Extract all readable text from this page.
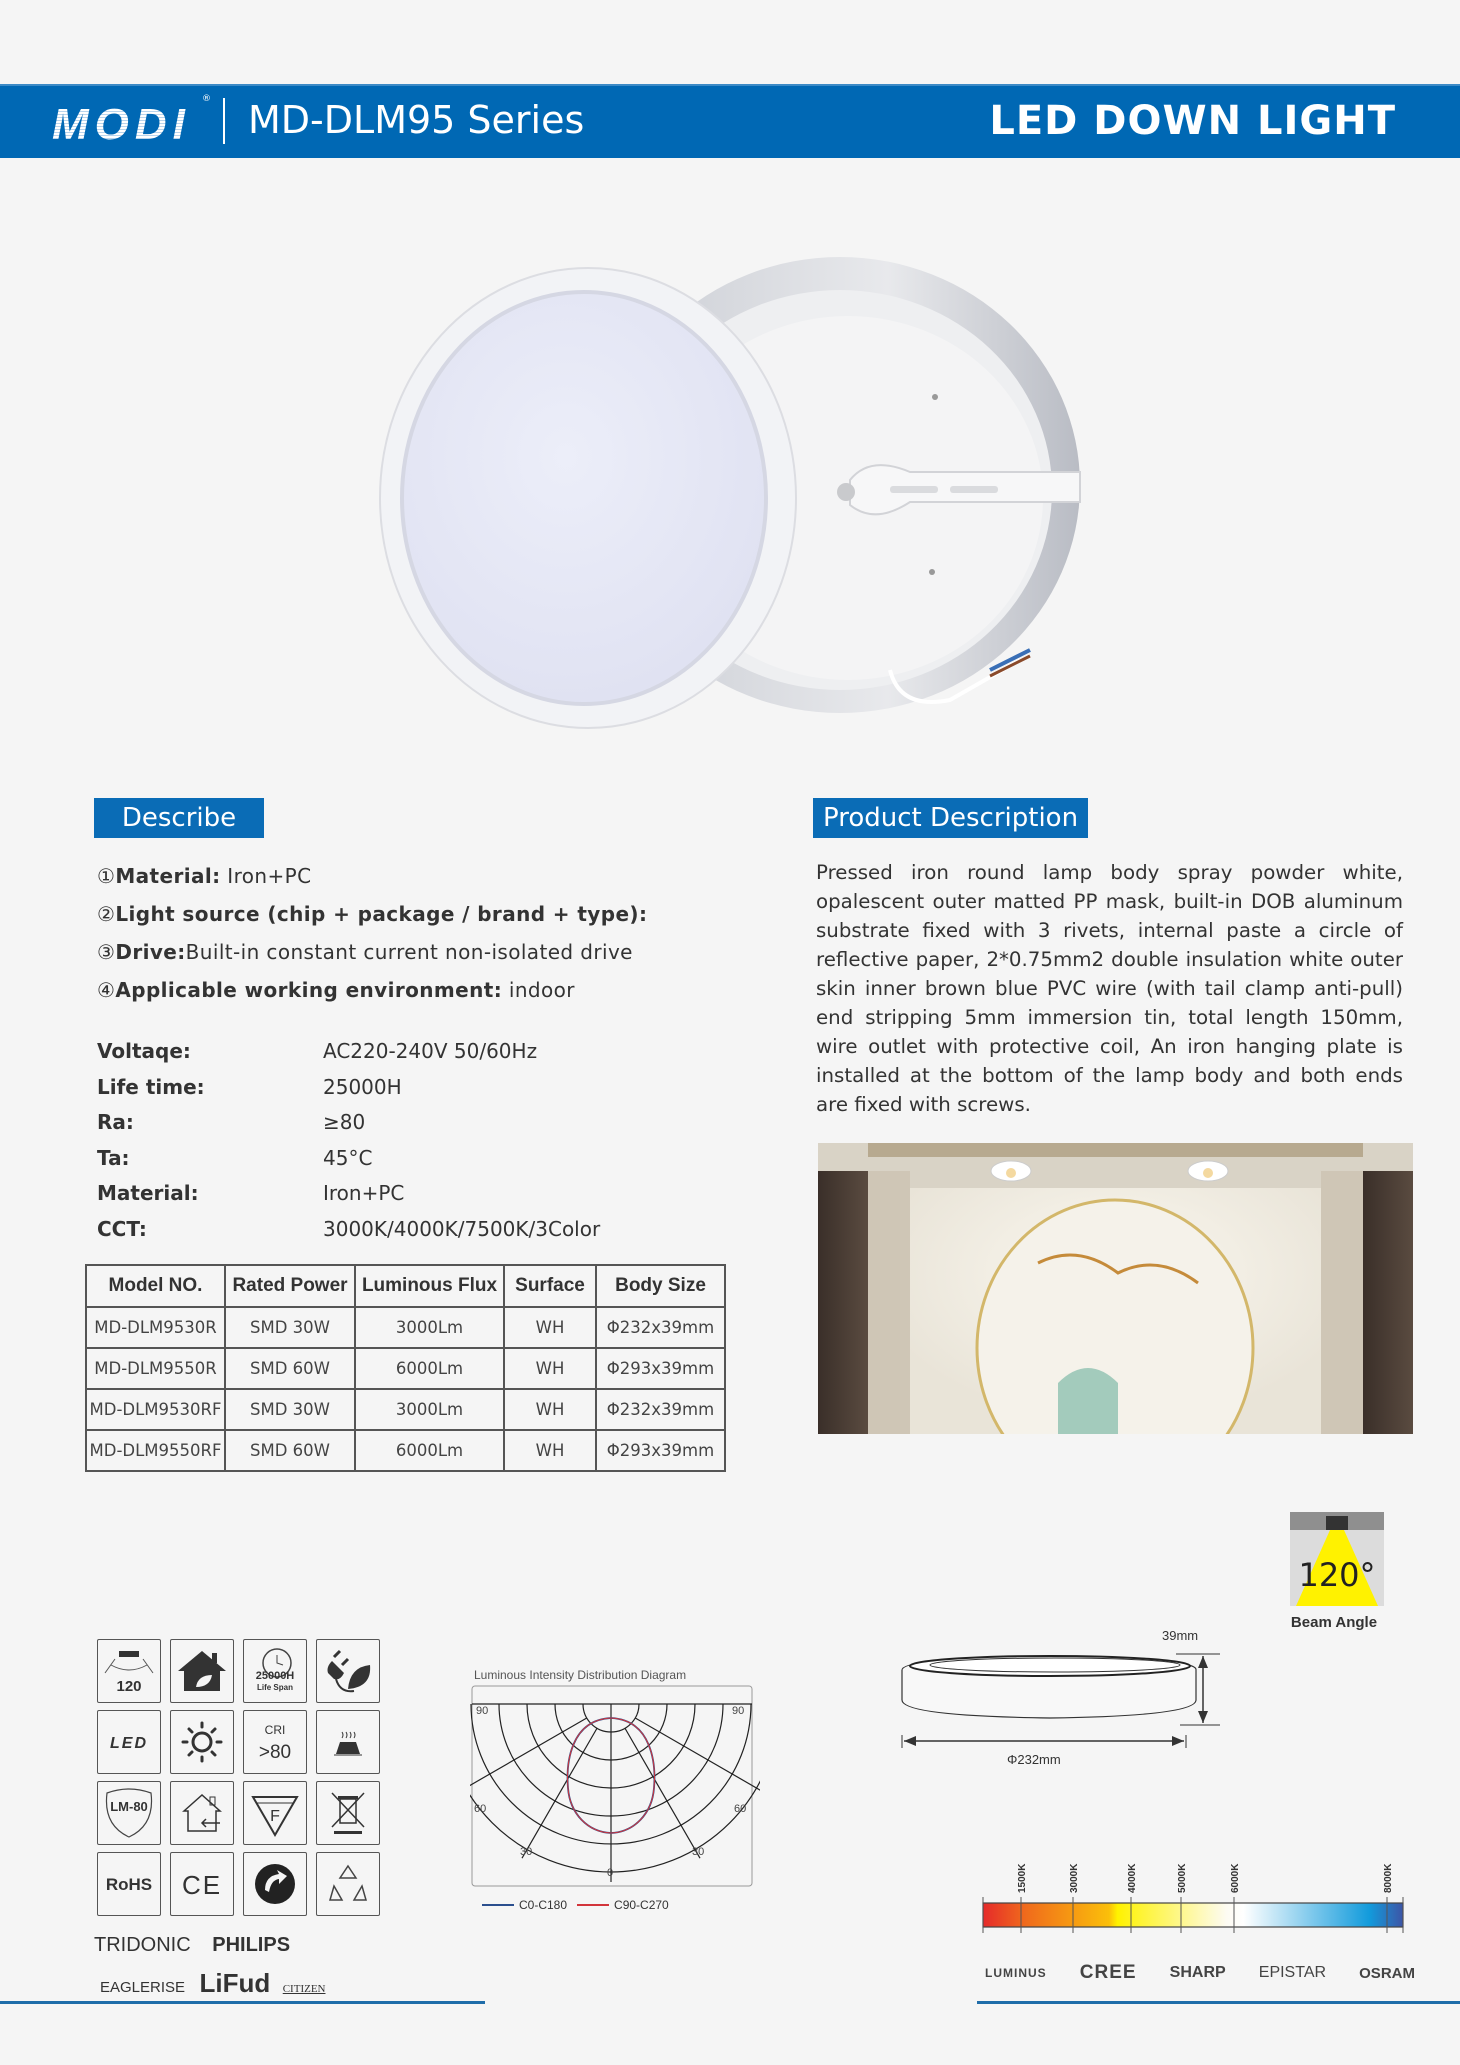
MODI
® MD-DLM95 Series	LED DOWN LIGHT
Describe
①Material: Iron+PC
②Light source (chip + package / brand + type):
③Drive:Built-in constant current non-isolated drive
④Applicable working environment: indoor
Voltaqe:	AC220-240V 50/60Hz
Life time:	25000H
Ra:	≥80
Ta:	45°C
Material:	Iron+PC
CCT:	3000K/4000K/7500K/3Color
Model NO.	Rated Power	Luminous Flux	Surface	Body Size
MD-DLM9530R	SMD 30W	3000Lm	WH	Φ232x39mm
MD-DLM9550R	SMD 60W	6000Lm	WH	Φ293x39mm
MD-DLM9530RF	SMD 30W	3000Lm	WH	Φ232x39mm
MD-DLM9550RF	SMD 60W	6000Lm	WH	Φ293x39mm
Product Description
Pressed iron round lamp body spray powder white, opalescent outer matted PP mask, built-in DOB aluminum substrate fixed with 3 rivets, internal paste a circle of reflective paper, 2*0.75mm2 double insulation white outer skin inner brown blue PVC wire (with tail clamp anti-pull) end stripping 5mm immersion tin, total length 150mm, wire outlet with protective coil, An iron hanging plate is installed at the bottom of the lamp body and both ends are fixed with screws.
120
25000H
Life Span
LED
CRI
>80
LM-80
F
RoHS CE
TRIDONIC PHILIPS
EAGLERISE LiFud CITIZEN
Luminous Intensity Distribution Diagram
90	90
60	60
30	30
0
C0-C180	C90-C270
39mm
Φ232mm
120°
Beam Angle
1500K	3000K	4000K	5000K	6000K	8000K
LUMINUS CREE SHARP EPISTAR OSRAM
